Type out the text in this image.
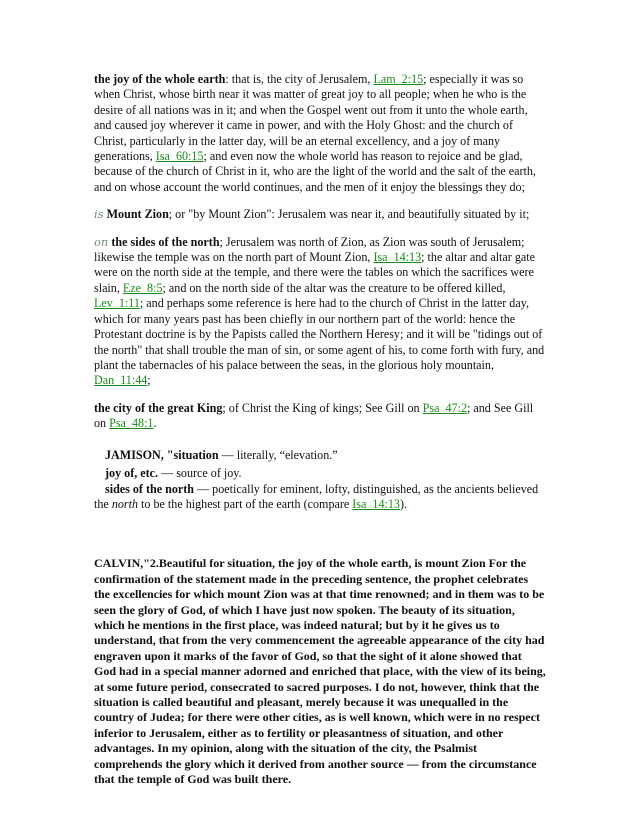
the joy of the whole earth: that is, the city of Jerusalem, Lam_2:15; especially it was so when Christ, whose birth near it was matter of great joy to all people; when he who is the desire of all nations was in it; and when the Gospel went out from it unto the whole earth, and caused joy wherever it came in power, and with the Holy Ghost: and the church of Christ, particularly in the latter day, will be an eternal excellency, and a joy of many generations, Isa_60:15; and even now the whole world has reason to rejoice and be glad, because of the church of Christ in it, who are the light of the world and the salt of the earth, and on whose account the world continues, and the men of it enjoy the blessings they do;

is Mount Zion; or "by Mount Zion": Jerusalem was near it, and beautifully situated by it;

on the sides of the north; Jerusalem was north of Zion, as Zion was south of Jerusalem; likewise the temple was on the north part of Mount Zion, Isa_14:13; the altar and altar gate were on the north side at the temple, and there were the tables on which the sacrifices were slain, Eze_8:5; and on the north side of the altar was the creature to be offered killed, Lev_1:11; and perhaps some reference is here had to the church of Christ in the latter day, which for many years past has been chiefly in our northern part of the world: hence the Protestant doctrine is by the Papists called the Northern Heresy; and it will be "tidings out of the north" that shall trouble the man of sin, or some agent of his, to come forth with fury, and plant the tabernacles of his palace between the seas, in the glorious holy mountain, Dan_11:44;

the city of the great King; of Christ the King of kings; See Gill on Psa_47:2; and See Gill on Psa_48:1.

JAMISON, "situation — literally, “elevation.”

joy of, etc. — source of joy.

sides of the north — poetically for eminent, lofty, distinguished, as the ancients believed the north to be the highest part of the earth (compare Isa_14:13).

CALVIN,"2.Beautiful for situation, the joy of the whole earth, is mount Zion For the confirmation of the statement made in the preceding sentence, the prophet celebrates the excellencies for which mount Zion was at that time renowned; and in them was to be seen the glory of God, of which I have just now spoken. The beauty of its situation, which he mentions in the first place, was indeed natural; but by it he gives us to understand, that from the very commencement the agreeable appearance of the city had engraven upon it marks of the favor of God, so that the sight of it alone showed that God had in a special manner adorned and enriched that place, with the view of its being, at some future period, consecrated to sacred purposes. I do not, however, think that the situation is called beautiful and pleasant, merely because it was unequalled in the country of Judea; for there were other cities, as is well known, which were in no respect inferior to Jerusalem, either as to fertility or pleasantness of situation, and other advantages. In my opinion, along with the situation of the city, the Psalmist comprehends the glory which it derived from another source — from the circumstance that the temple of God was built there.
